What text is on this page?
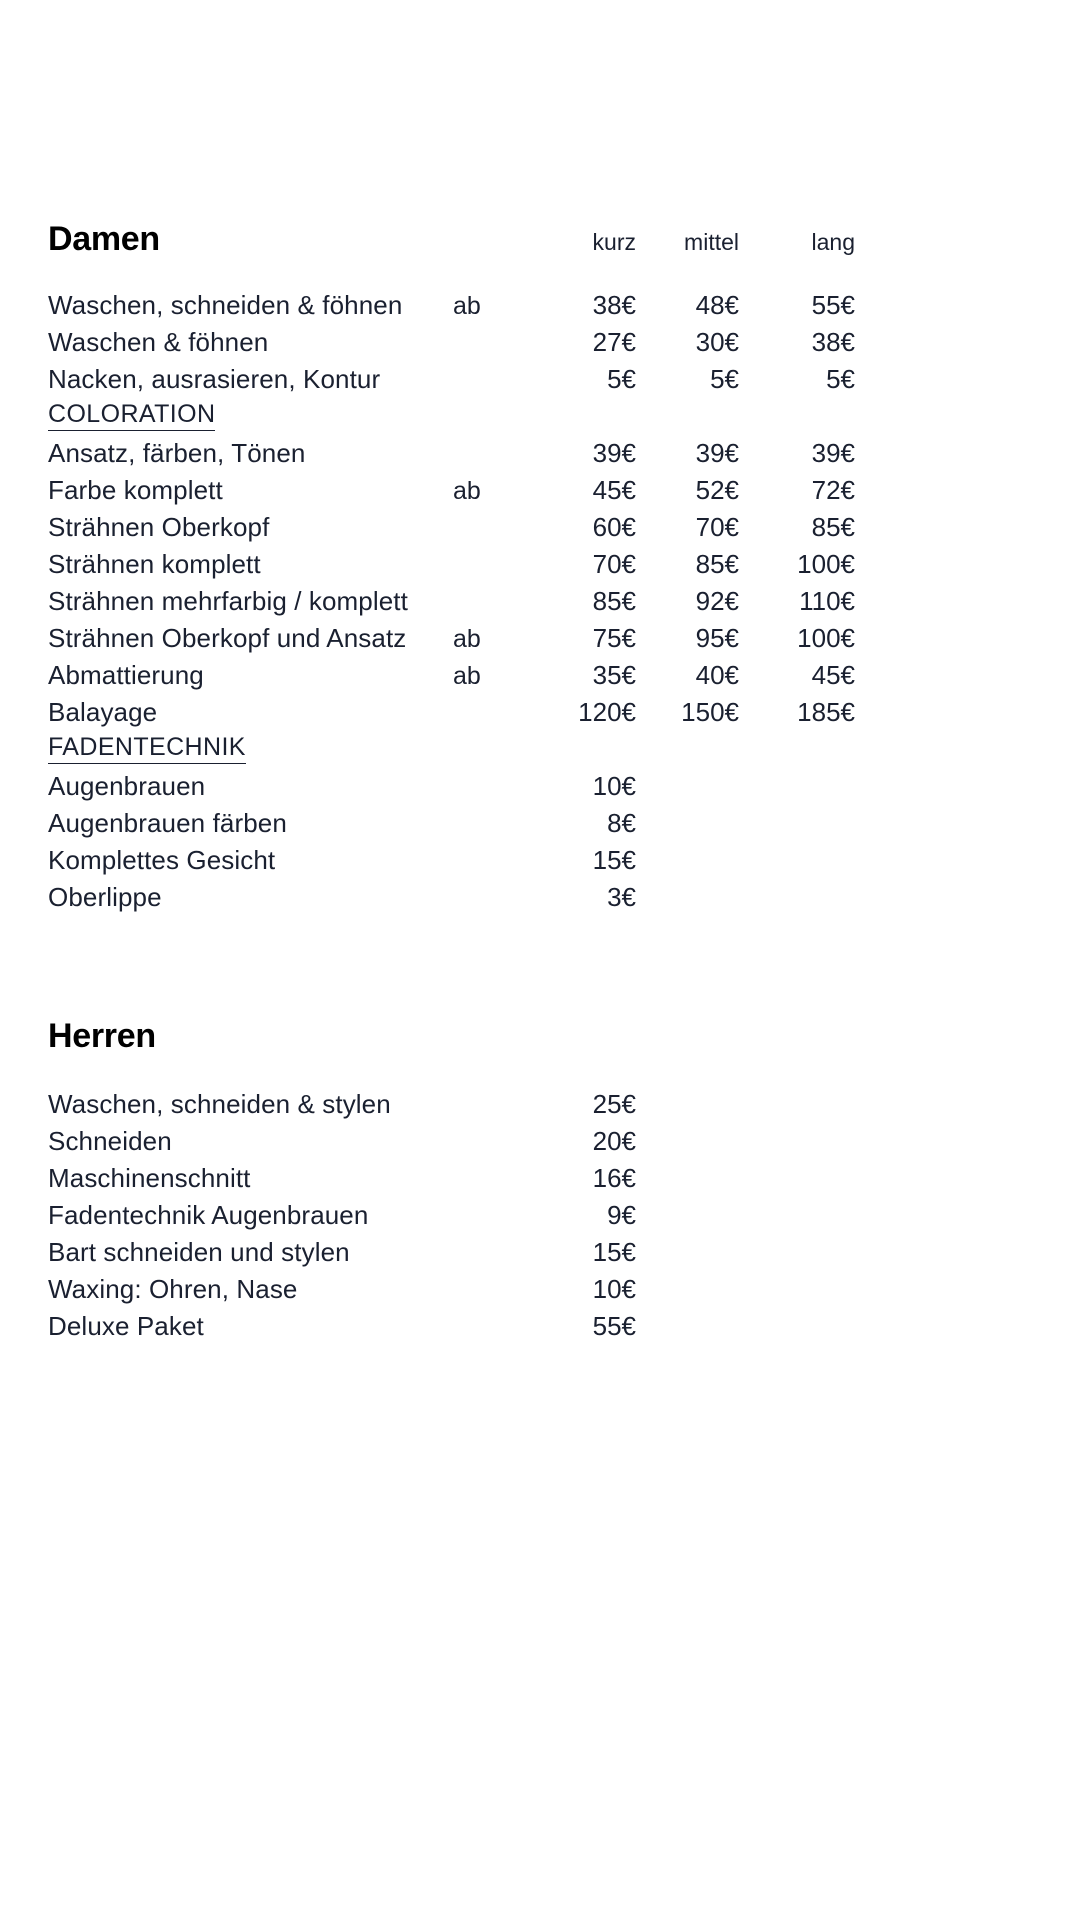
Damen	kurz	mittel	lang
Waschen, schneiden & föhnen	ab	38€	48€	55€
Waschen & föhnen	27€	30€	38€
Nacken, ausrasieren, Kontur	5€	5€	5€
COLORATION
Ansatz, färben, Tönen	39€	39€	39€
Farbe komplett	ab	45€	52€	72€
Strähnen Oberkopf	60€	70€	85€
Strähnen komplett	70€	85€	100€
Strähnen mehrfarbig / komplett	85€	92€	110€
Strähnen Oberkopf und Ansatz	ab	75€	95€	100€
Abmattierung	ab	35€	40€	45€
Balayage	120€	150€	185€
FADENTECHNIK
Augenbrauen	10€
Augenbrauen färben	8€
Komplettes Gesicht	15€
Oberlippe	3€
Herren
Waschen, schneiden & stylen	25€
Schneiden	20€
Maschinenschnitt	16€
Fadentechnik Augenbrauen	9€
Bart schneiden und stylen	15€
Waxing: Ohren, Nase	10€
Deluxe Paket	55€
